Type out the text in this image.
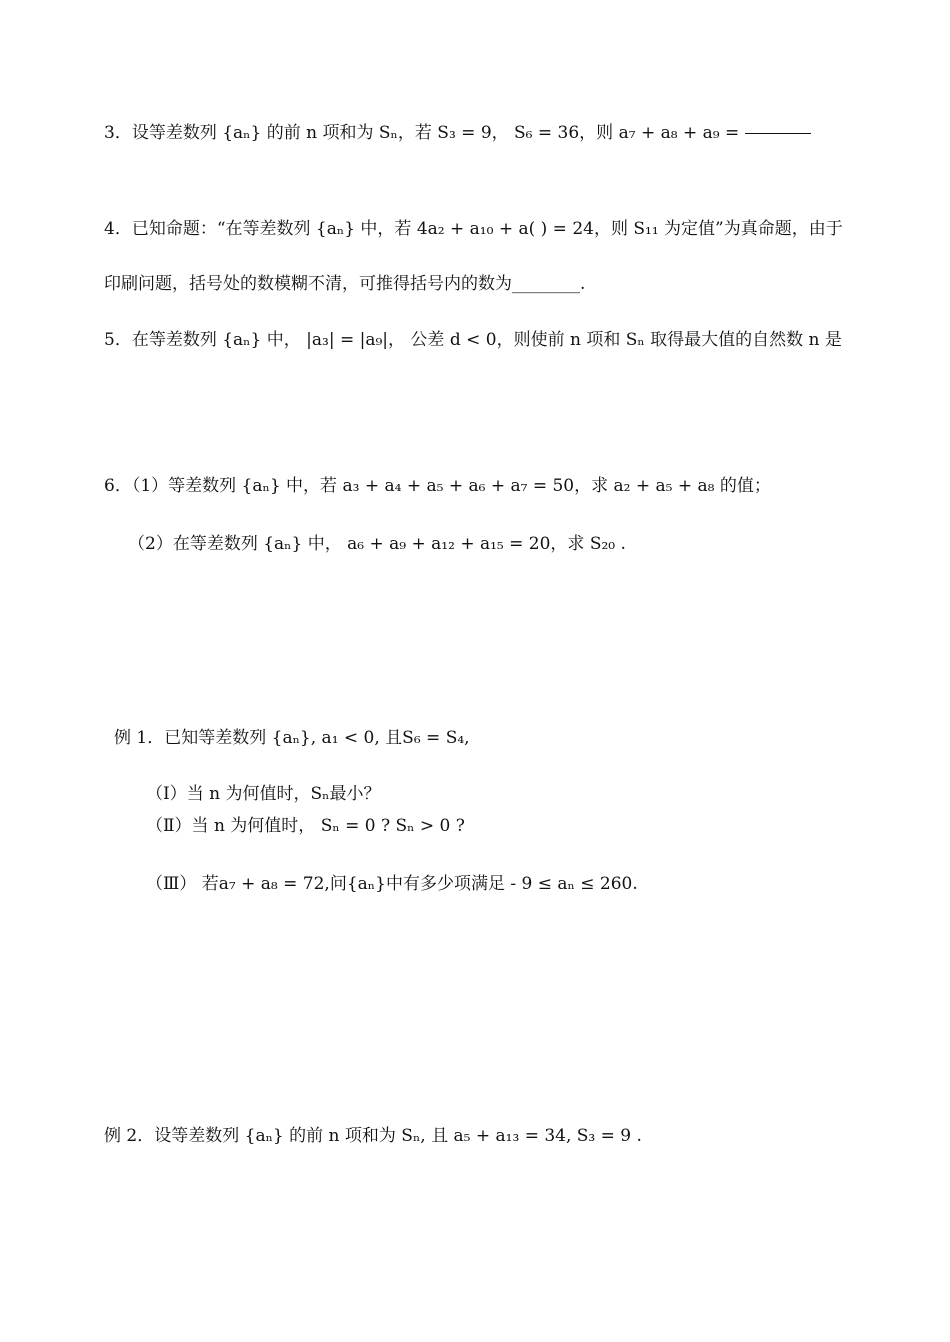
3．设等差数列 {aₙ} 的前 n 项和为 Sₙ，若 S₃ = 9， S₆ = 36，则 a₇ + a₈ + a₉ =
4．已知命题：“在等差数列 {aₙ} 中，若 4a₂ + a₁₀ + a( ) = 24，则 S₁₁ 为定值”为真命题，由于
印刷问题，括号处的数模糊不清，可推得括号内的数为________.
5．在等差数列 {aₙ} 中， |a₃| = |a₉|， 公差 d < 0，则使前 n 项和 Sₙ 取得最大值的自然数 n 是
6．（1）等差数列 {aₙ} 中，若 a₃ + a₄ + a₅ + a₆ + a₇ = 50，求 a₂ + a₅ + a₈ 的值；
（2）在等差数列 {aₙ} 中， a₆ + a₉ + a₁₂ + a₁₅ = 20，求 S₂₀ .
例 1．已知等差数列 {aₙ}, a₁ < 0, 且S₆ = S₄,
（Ⅰ）当 n 为何值时，Sₙ最小？
（Ⅱ）当 n 为何值时， Sₙ = 0 ? Sₙ > 0 ?
（Ⅲ） 若a₇ + a₈ = 72,问{aₙ}中有多少项满足 - 9 ≤ aₙ ≤ 260.
例 2．设等差数列 {aₙ} 的前 n 项和为 Sₙ, 且 a₅ + a₁₃ = 34, S₃ = 9 .
